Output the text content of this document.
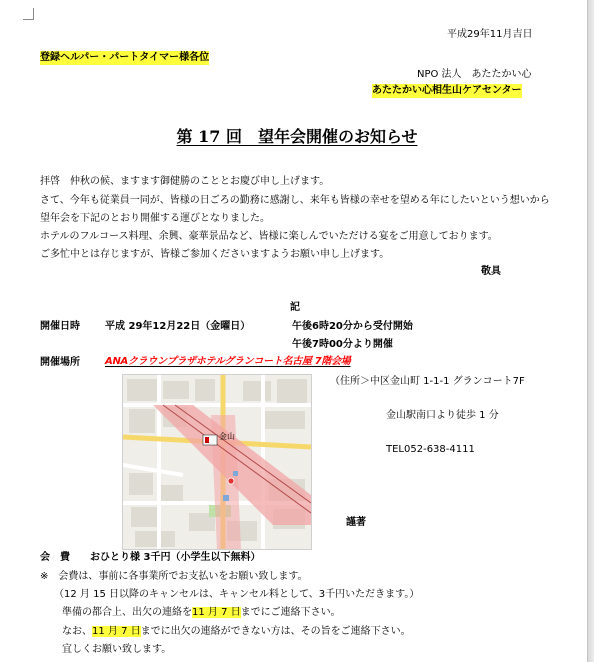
平成29年11月吉日
登録ヘルパー・パートタイマー様各位
NPO 法人　あたたかい心
あたたかい心相生山ケアセンター
第 17 回　望年会開催のお知らせ
拝啓　仲秋の候、ますます御健勝のこととお慶び申し上げます。
さて、今年も従業員一同が、皆様の日ごろの勤務に感謝し、来年も皆様の幸せを望める年にしたいという想いから
望年会を下記のとおり開催する運びとなりました。
ホテルのフルコース料理、余興、豪華景品など、皆様に楽しんでいただける宴をご用意しております。
ご多忙中とは存じますが、皆様ご参加くださいますようお願い申し上げます。
敬具
記
開催日時	平成 29年12月22日（金曜日）	午後6時20分から受付開始
午後7時00分より開催
開催場所	ANAクラウンプラザホテルグランコート名古屋 7階会場
（住所＞中区金山町 1-1-1 グランコート7F
金山駅南口より徒歩 1 分
TEL052-638-4111
謹著
金山
会　費 おひとり様 3千円（小学生以下無料）
※　会費は、事前に各事業所でお支払いをお願い致します。
（12 月 15 日以降のキャンセルは、キャンセル料として、3千円いただきます。）
準備の都合上、出欠の連絡を11 月 7 日までにご連絡下さい。
なお、11 月 7 日までに出欠の連絡ができない方は、その旨をご連絡下さい。
宜しくお願い致します。
